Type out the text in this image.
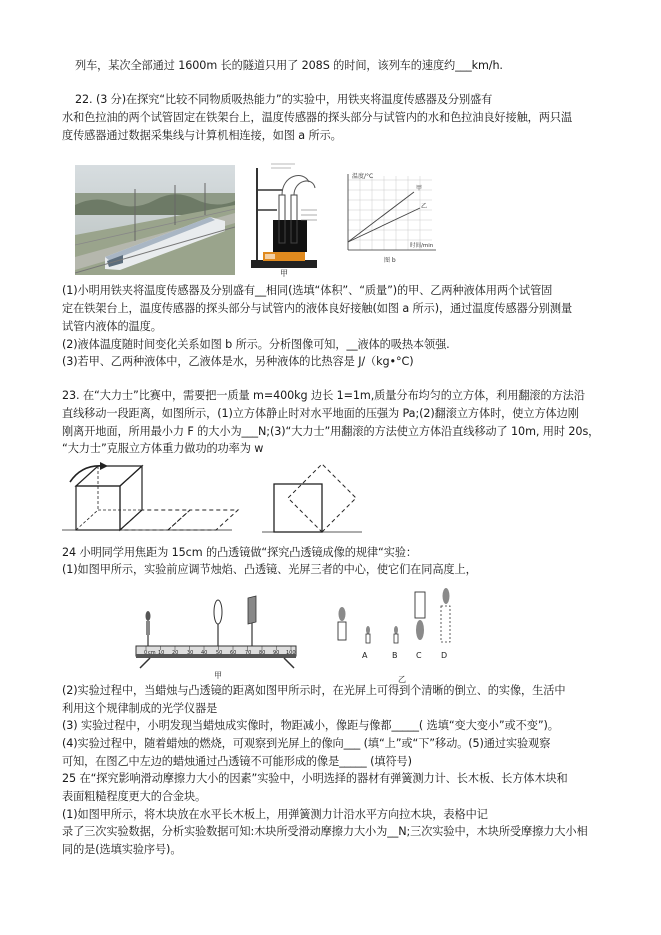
列车，某次全部通过 1600m 长的隧道只用了 208S 的时间，该列车的速度约___km/h.
22. (3 分)在探究“比较不同物质吸热能力”的实验中，用铁夹将温度传感器及分别盛有
水和色拉油的两个试管固定在铁架台上，温度传感器的探头部分与试管内的水和色拉油良好接触，两只温
度传感器通过数据采集线与计算机相连接，如图 a 所示。
甲
温度/°C
甲
乙
时间/min
图 b
(1)小明用铁夹将温度传感器及分别盛有__相同(选填“体积”、“质量”)的甲、乙两种液体用两个试管固
定在铁架台上，温度传感器的探头部分与试管内的液体良好接触(如图 a 所示)，通过温度传感器分别测量
试管内液体的温度。
(2)液体温度随时间变化关系如图 b 所示。分析图像可知，__液体的吸热本领强.
(3)若甲、乙两种液体中，乙液体是水，另种液体的比热容是 J/（kg•°C)
23. 在“大力士”比赛中，需要把一质量 m=400kg 边长 1=1m,质量分布均匀的立方体，利用翻滚的方法沿
直线移动一段距离，如图所示，(1)立方体静止时对水平地面的压强为 Pa;(2)翻滚立方体时，使立方体边刚
刚离开地面，所用最小力 F 的大小为___N;(3)“大力士”用翻滚的方法使立方体沿直线移动了 10m, 用时 20s，
“大力士”克服立方体重力做功的功率为 w
24 小明同学用焦距为 15cm 的凸透镜做“探究凸透镜成像的规律“实验：
(1)如图甲所示，实验前应调节烛焰、凸透镜、光屏三者的中心，使它们在同高度上，
0 cm 10 20 30 40 50 60 70 80 90 100
甲
A	B C D
乙
(2)实验过程中，当蜡烛与凸透镜的距离如图甲所示时，在光屏上可得到个清晰的倒立、的实像，生活中
利用这个规律制成的光学仪器是
(3) 实验过程中，小明发现当蜡烛成实像时，物距减小，像距与像都_____( 选填“变大变小”或不变”)。
(4)实验过程中，随着蜡烛的燃烧，可观察到光屏上的像向___ (填“上”或“下”移动。(5)通过实验观察
可知，在图乙中左边的蜡烛通过凸透镜不可能形成的像是_____ (填符号)
25 在“探究影响滑动摩擦力大小的因素”实验中，小明选择的器材有弹簧测力计、长木板、长方体木块和
表面粗糙程度更大的合金块。
(1)如图甲所示，将木块放在水平长木板上，用弹簧测力计沿水平方向拉木块，表格中记
录了三次实验数据，分析实验数据可知:木块所受滑动摩擦力大小为__N;三次实验中，木块所受摩擦力大小相
同的是(选填实验序号)。
